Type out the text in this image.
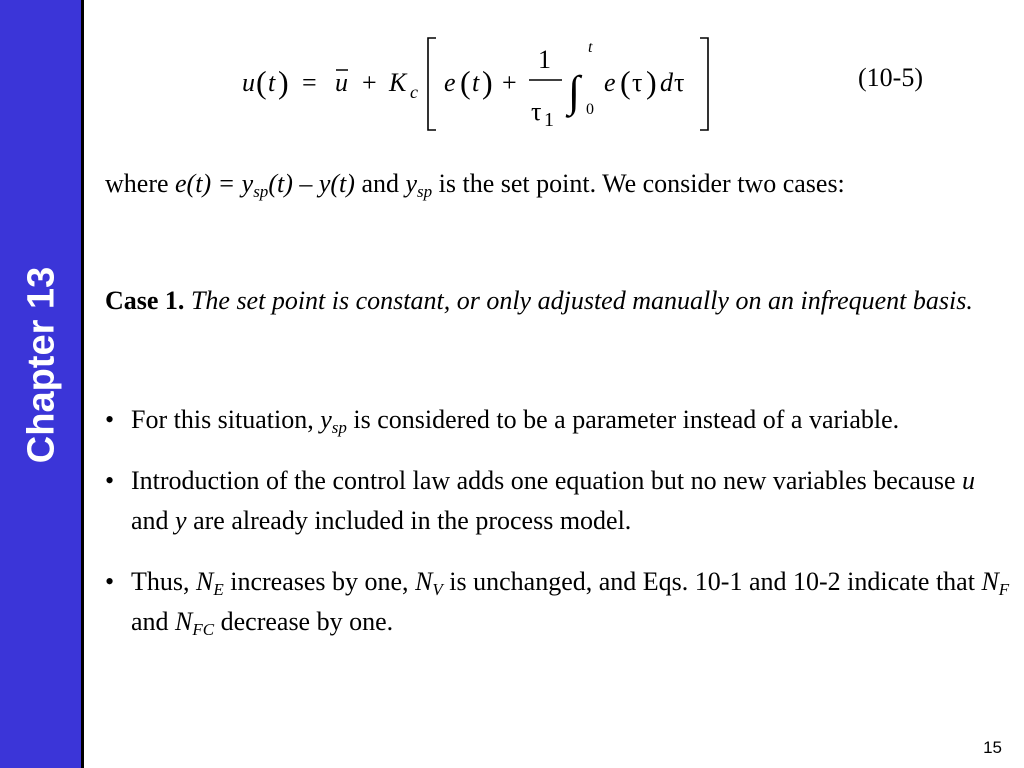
Chapter 13
u ( t ) = u + K c e ( t ) +
1
τ 1
∫
t
0
e ( τ ) d τ	(10-5)
where $e(t) = y_{sp}(t) - y(t)$ and $y_{sp}$ is the set point. We consider two cases:
Case 1. The set point is constant, or only adjusted manually on an infrequent basis.
• For this situation, $y_{sp}$ is considered to be a parameter instead of a variable.
• Introduction of the control law adds one equation but no new variables because u and y are already included in the process model.
• Thus, $N_E$ increases by one, $N_V$ is unchanged, and Eqs. 10-1 and 10-2 indicate that $N_F$ and $N_{FC}$ decrease by one.
15
